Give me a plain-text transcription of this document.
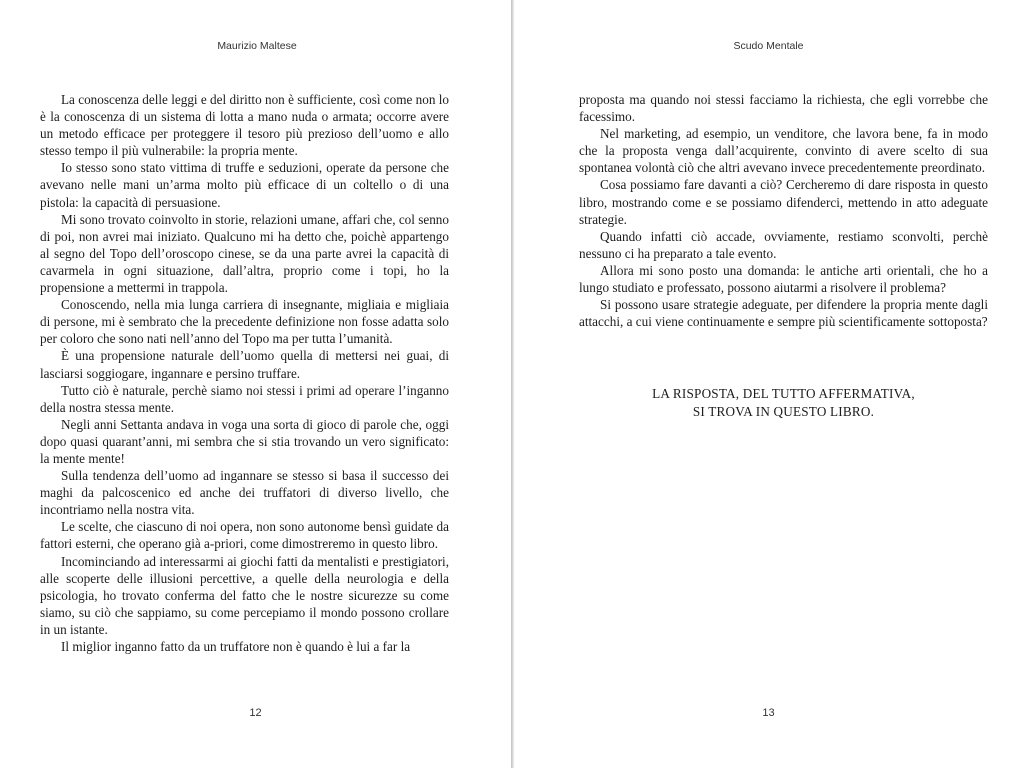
Maurizio Maltese

La conoscenza delle leggi e del diritto non è sufficiente, così come non lo è la conoscenza di un sistema di lotta a mano nuda o armata; occorre avere un metodo efficace per proteggere il tesoro più prezioso dell’uomo e allo stesso tempo il più vulnerabile: la propria mente.

Io stesso sono stato vittima di truffe e seduzioni, operate da persone che avevano nelle mani un’arma molto più efficace di un coltello o di una pistola: la capacità di persuasione.

Mi sono trovato coinvolto in storie, relazioni umane, affari che, col senno di poi, non avrei mai iniziato. Qualcuno mi ha detto che, poichè appartengo al segno del Topo dell’oroscopo cinese, se da una parte avrei la capacità di cavarmela in ogni situazione, dall’altra, proprio come i topi, ho la propensione a mettermi in trappola.

Conoscendo, nella mia lunga carriera di insegnante, migliaia e migliaia di persone, mi è sembrato che la precedente definizione non fosse adatta solo per coloro che sono nati nell’anno del Topo ma per tutta l’umanità.

È una propensione naturale dell’uomo quella di mettersi nei guai, di lasciarsi soggiogare, ingannare e persino truffare.

Tutto ciò è naturale, perchè siamo noi stessi i primi ad operare l’inganno della nostra stessa mente.

Negli anni Settanta andava in voga una sorta di gioco di parole che, oggi dopo quasi quarant’anni, mi sembra che si stia trovando un vero significato: la mente mente!

Sulla tendenza dell’uomo ad ingannare se stesso si basa il successo dei maghi da palcoscenico ed anche dei truffatori di diverso livello, che incontriamo nella nostra vita.

Le scelte, che ciascuno di noi opera, non sono autonome bensì guidate da fattori esterni, che operano già a-priori, come dimostreremo in questo libro.

Incominciando ad interessarmi ai giochi fatti da mentalisti e prestigiatori, alle scoperte delle illusioni percettive, a quelle della neurologia e della psicologia, ho trovato conferma del fatto che le nostre sicurezze su come siamo, su ciò che sappiamo, su come percepiamo il mondo possono crollare in un istante.

Il miglior inganno fatto da un truffatore non è quando è lui a far la

12
Scudo Mentale

proposta ma quando noi stessi facciamo la richiesta, che egli vorrebbe che facessimo.

Nel marketing, ad esempio, un venditore, che lavora bene, fa in modo che la proposta venga dall’acquirente, convinto di avere scelto di sua spontanea volontà ciò che altri avevano invece precedentemente preordinato.

Cosa possiamo fare davanti a ciò? Cercheremo di dare risposta in questo libro, mostrando come e se possiamo difenderci, mettendo in atto adeguate strategie.

Quando infatti ciò accade, ovviamente, restiamo sconvolti, perchè nessuno ci ha preparato a tale evento.

Allora mi sono posto una domanda: le antiche arti orientali, che ho a lungo studiato e professato, possono aiutarmi a risolvere il problema?

Si possono usare strategie adeguate, per difendere la propria mente dagli attacchi, a cui viene continuamente e sempre più scientificamente sottoposta?

LA RISPOSTA, DEL TUTTO AFFERMATIVA,
SI TROVA IN QUESTO LIBRO.
13
